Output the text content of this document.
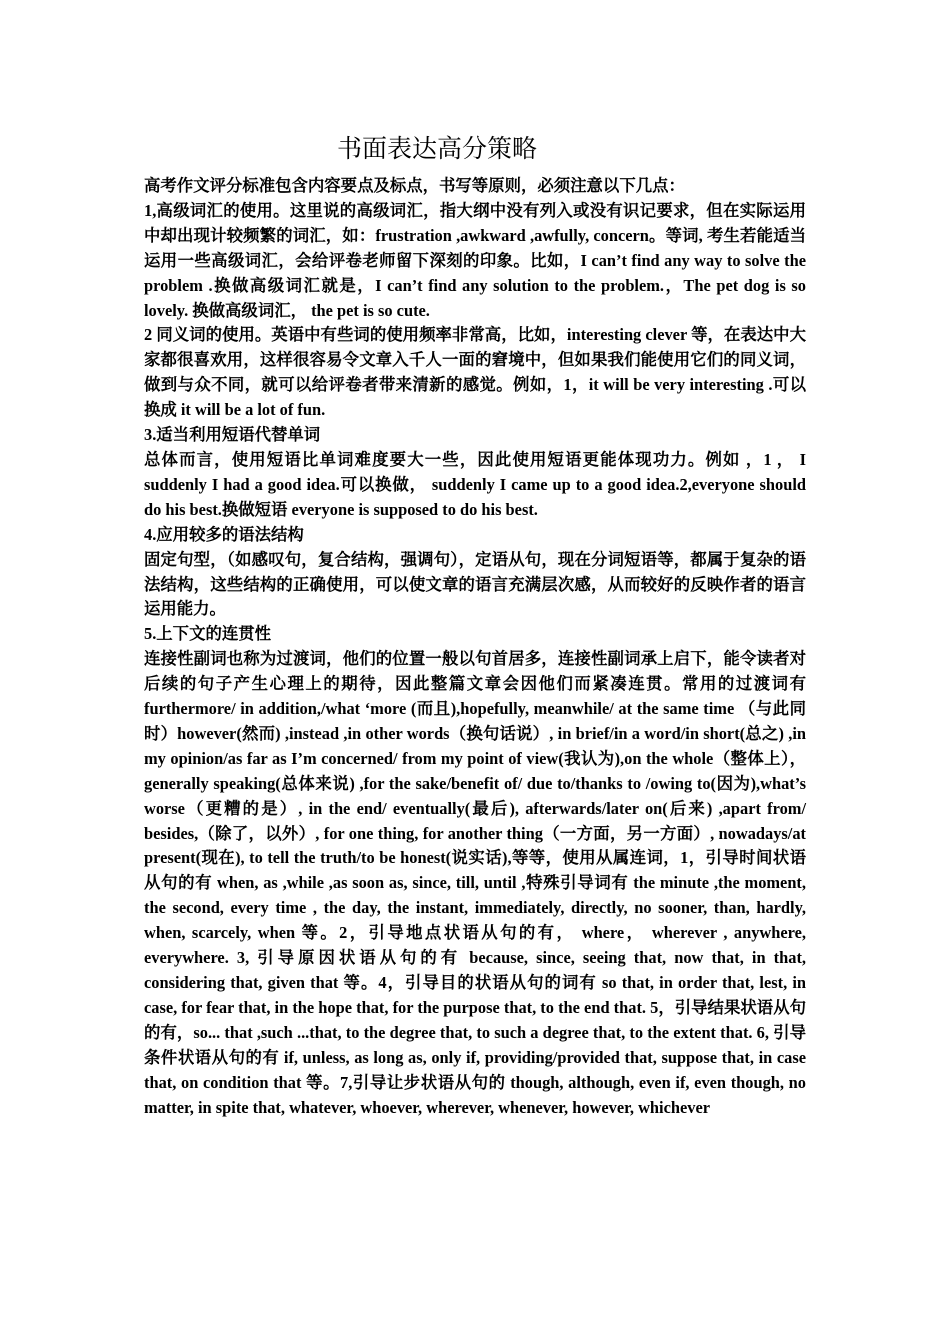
书面表达高分策略

高考作文评分标准包含内容要点及标点，书写等原则，必须注意以下几点：

1,高级词汇的使用。这里说的高级词汇，指大纲中没有列入或没有识记要求，但在实际运用中却出现计较频繁的词汇，如：frustration ,awkward ,awfully, concern。等词, 考生若能适当运用一些高级词汇，会给评卷老师留下深刻的印象。比如，I can’t find any way to solve the problem .换做高级词汇就是，I can’t find any solution to the problem.，The pet dog is so lovely. 换做高级词汇， the pet is so cute.

2 同义词的使用。英语中有些词的使用频率非常高，比如，interesting clever 等，在表达中大家都很喜欢用，这样很容易令文章入千人一面的窘境中，但如果我们能使用它们的同义词，做到与众不同，就可以给评卷者带来清新的感觉。例如，1，it will be very interesting .可以换成 it will be a lot of fun.

3.适当利用短语代替单词

总体而言，使用短语比单词难度要大一些，因此使用短语更能体现功力。例如 ，1 ， I suddenly I had a good idea.可以换做， suddenly I came up to a good idea.2,everyone should do his best.换做短语 everyone is supposed to do his best.

4.应用较多的语法结构

固定句型，（如感叹句，复合结构，强调句），定语从句，现在分词短语等，都属于复杂的语法结构，这些结构的正确使用，可以使文章的语言充满层次感，从而较好的反映作者的语言运用能力。

5.上下文的连贯性

连接性副词也称为过渡词，他们的位置一般以句首居多，连接性副词承上启下，能令读者对后续的句子产生心理上的期待，因此整篇文章会因他们而紧凑连贯。常用的过渡词有 furthermore/ in addition,/what ‘more (而且),hopefully, meanwhile/ at the same time （与此同时）however(然而) ,instead ,in other words（换句话说）, in brief/in a word/in short(总之) ,in my opinion/as far as I’m concerned/ from my point of view(我认为),on the whole（整体上）， generally speaking(总体来说) ,for the sake/benefit of/ due to/thanks to /owing to(因为),what’s worse（更糟的是）, in the end/ eventually(最后), afterwards/later on(后来) ,apart from/ besides,（除了，以外）, for one thing, for another thing（一方面，另一方面）, nowadays/at present(现在), to tell the truth/to be honest(说实话),等等，使用从属连词，1，引导时间状语从句的有 when, as ,while ,as soon as, since, till, until ,特殊引导词有 the minute ,the moment, the second, every time , the day, the instant, immediately, directly, no sooner, than, hardly, when, scarcely, when 等。2，引导地点状语从句的有， where， wherever , anywhere, everywhere. 3, 引导原因状语从句的有 because, since, seeing that, now that, in that, considering that, given that 等。4，引导目的状语从句的词有 so that, in order that, lest, in case, for fear that, in the hope that, for the purpose that, to the end that. 5，引导结果状语从句的有，so... that ,such ...that, to the degree that, to such a degree that, to the extent that. 6, 引导条件状语从句的有 if, unless, as long as, only if, providing/provided that, suppose that, in case that, on condition that 等。7,引导让步状语从句的 though, although, even if, even though, no matter, in spite that, whatever, whoever, wherever, whenever, however, whichever
